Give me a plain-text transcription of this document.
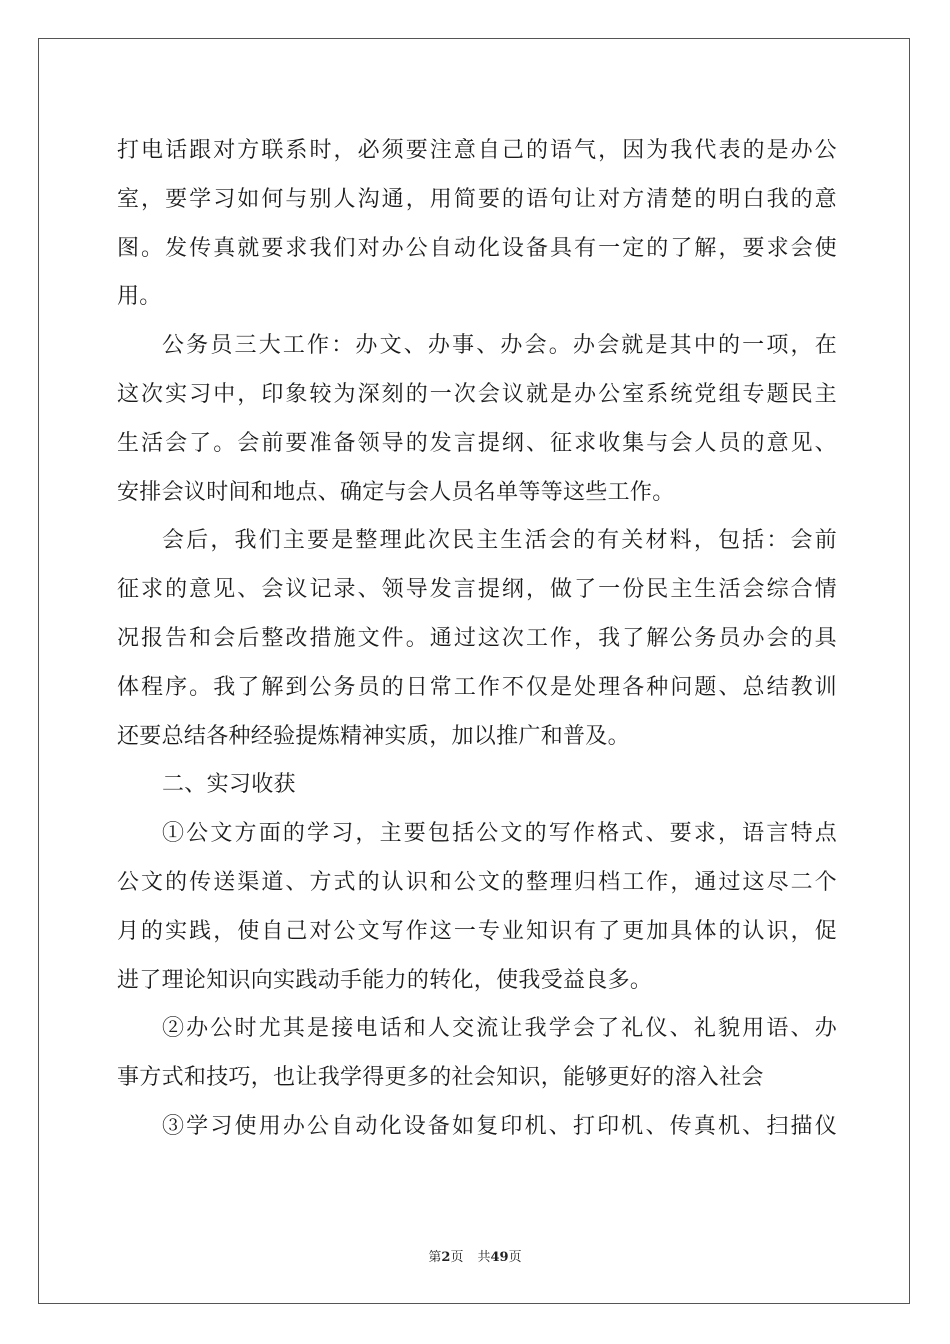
打电话跟对方联系时，必须要注意自己的语气，因为我代表的是办公
室，要学习如何与别人沟通，用简要的语句让对方清楚的明白我的意
图。发传真就要求我们对办公自动化设备具有一定的了解，要求会使
用。
公务员三大工作：办文、办事、办会。办会就是其中的一项，在
这次实习中，印象较为深刻的一次会议就是办公室系统党组专题民主
生活会了。会前要准备领导的发言提纲、征求收集与会人员的意见、
安排会议时间和地点、确定与会人员名单等等这些工作。
会后，我们主要是整理此次民主生活会的有关材料，包括：会前
征求的意见、会议记录、领导发言提纲，做了一份民主生活会综合情
况报告和会后整改措施文件。通过这次工作，我了解公务员办会的具
体程序。我了解到公务员的日常工作不仅是处理各种问题、总结教训
还要总结各种经验提炼精神实质，加以推广和普及。
二、实习收获
①公文方面的学习，主要包括公文的写作格式、要求，语言特点
公文的传送渠道、方式的认识和公文的整理归档工作，通过这尽二个
月的实践，使自己对公文写作这一专业知识有了更加具体的认识，促
进了理论知识向实践动手能力的转化，使我受益良多。
②办公时尤其是接电话和人交流让我学会了礼仪、礼貌用语、办
事方式和技巧，也让我学得更多的社会知识，能够更好的溶入社会
③学习使用办公自动化设备如复印机、打印机、传真机、扫描仪
第2页 共49页
